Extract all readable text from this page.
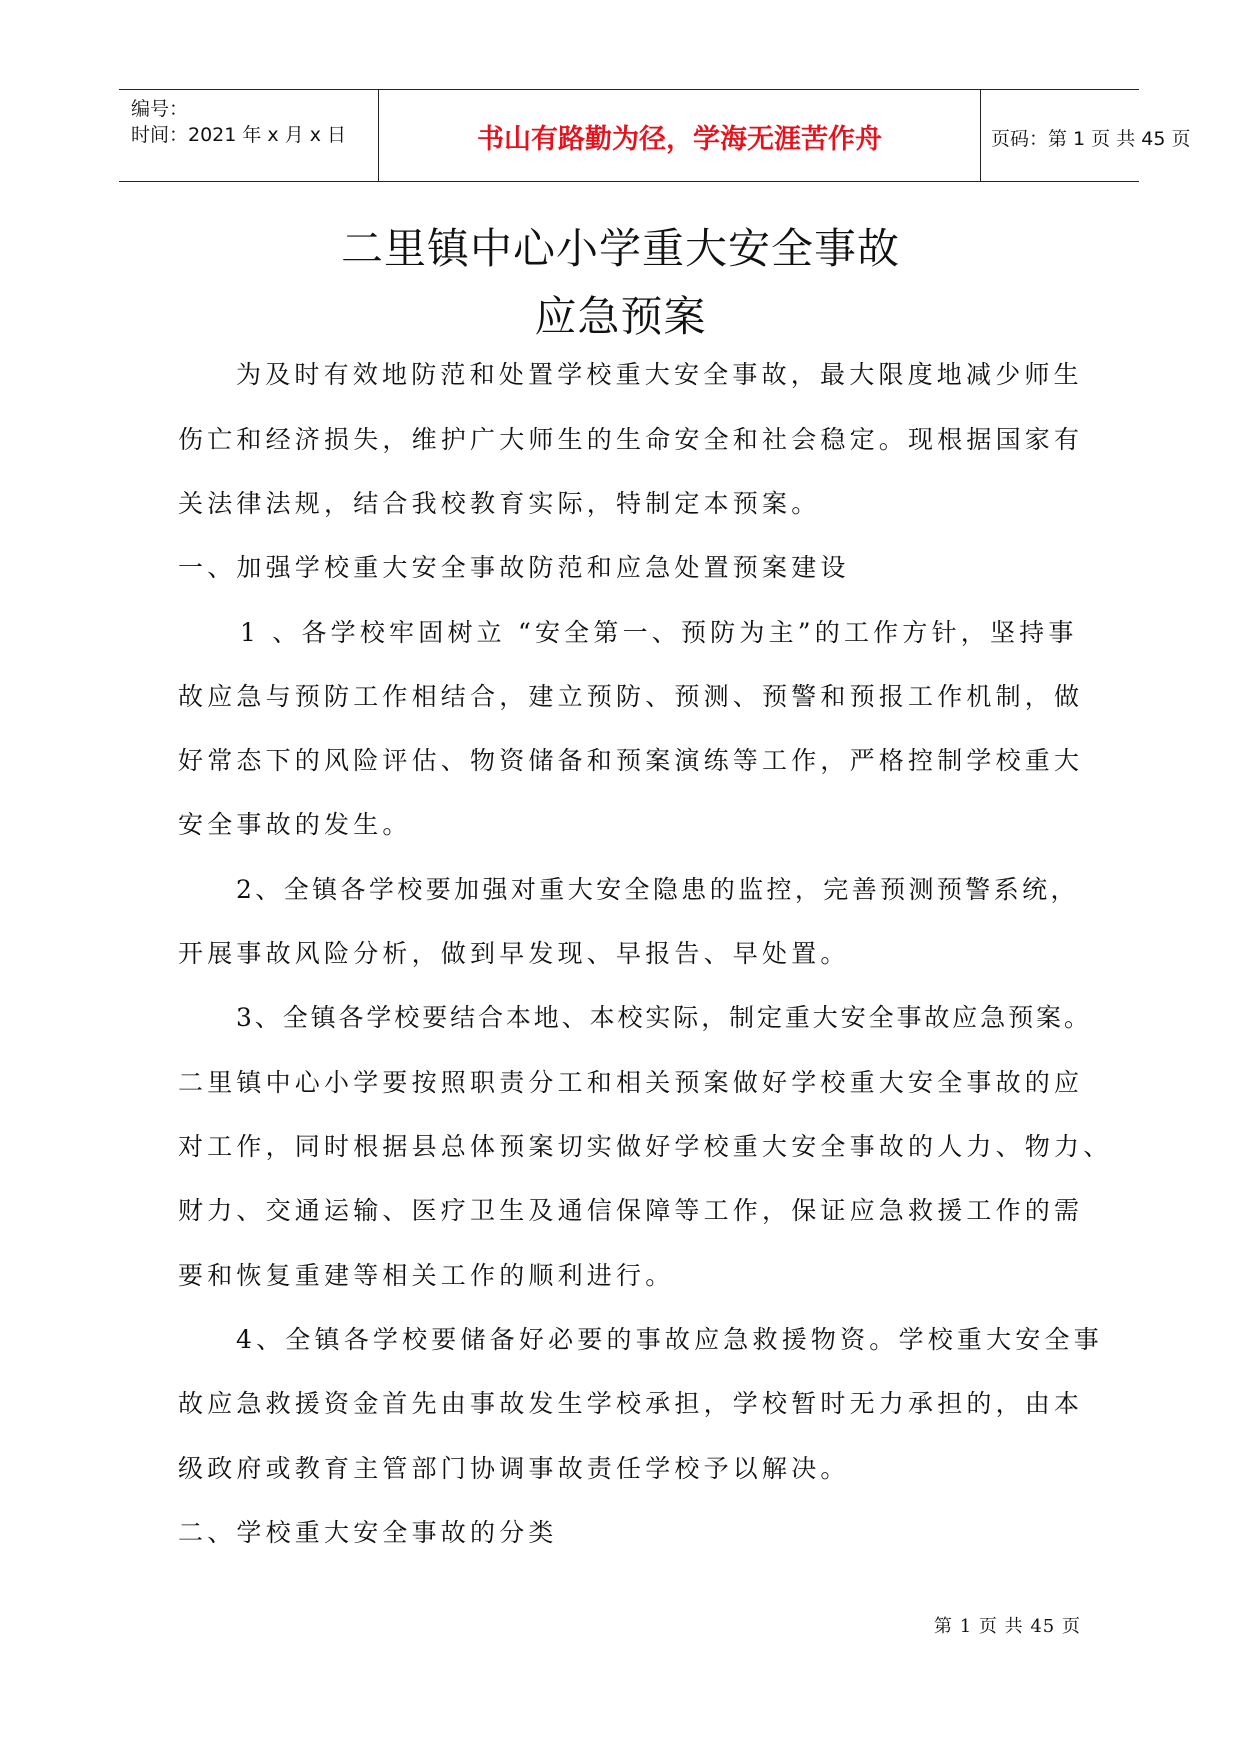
编号：
时间：2021 年 x 月 x 日	书山有路勤为径，学海无涯苦作舟	页码：第 1 页 共 45 页
二里镇中心小学重大安全事故
应急预案
为及时有效地防范和处置学校重大安全事故，最大限度地减少师生
伤亡和经济损失，维护广大师生的生命安全和社会稳定。现根据国家有
关法律法规，结合我校教育实际，特制定本预案。
一、加强学校重大安全事故防范和应急处置预案建设
1 、各学校牢固树立 “安全第一、预防为主”的工作方针，坚持事
故应急与预防工作相结合，建立预防、预测、预警和预报工作机制，做
好常态下的风险评估、物资储备和预案演练等工作，严格控制学校重大
安全事故的发生。
2、全镇各学校要加强对重大安全隐患的监控，完善预测预警系统，
开展事故风险分析，做到早发现、早报告、早处置。
3、全镇各学校要结合本地、本校实际，制定重大安全事故应急预案。
二里镇中心小学要按照职责分工和相关预案做好学校重大安全事故的应
对工作，同时根据县总体预案切实做好学校重大安全事故的人力、物力、
财力、交通运输、医疗卫生及通信保障等工作，保证应急救援工作的需
要和恢复重建等相关工作的顺利进行。
4、全镇各学校要储备好必要的事故应急救援物资。学校重大安全事
故应急救援资金首先由事故发生学校承担，学校暂时无力承担的，由本
级政府或教育主管部门协调事故责任学校予以解决。
二、学校重大安全事故的分类
第 1 页 共 45 页
